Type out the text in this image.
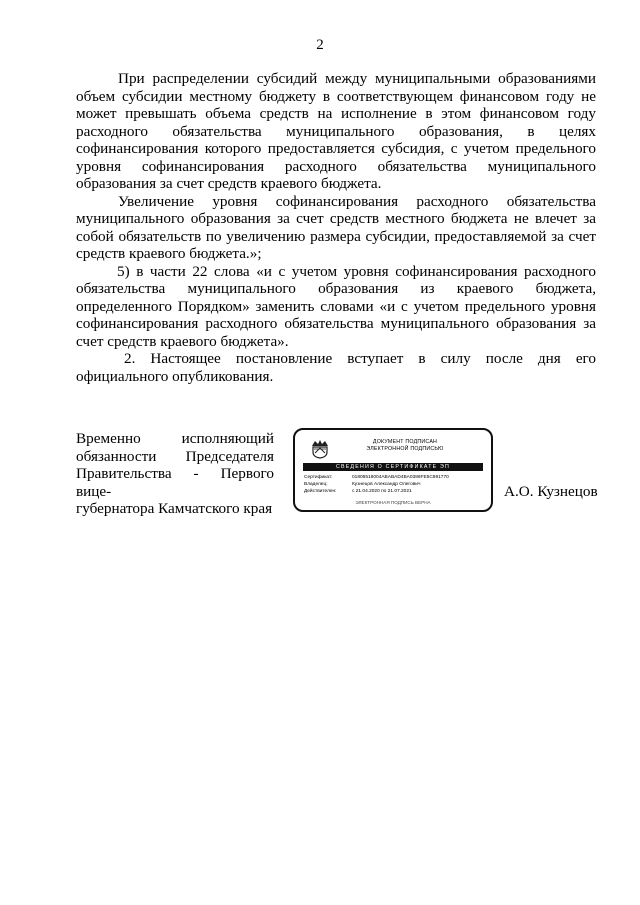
2

При распределении субсидий между муниципальными образованиями объем субсидии местному бюджету в соответствующем финансовом году не может превышать объема средств на исполнение в этом финансовом году расходного обязательства муниципального образования, в целях софинансирования которого предоставляется субсидия, с учетом предельного уровня софинансирования расходного обязательства муниципального образования за счет средств краевого бюджета.

Увеличение уровня софинансирования расходного обязательства муниципального образования за счет средств местного бюджета не влечет за собой обязательств по увеличению размера субсидии, предоставляемой за счет средств краевого бюджета.»;

5) в части 22 слова «и с учетом уровня софинансирования расходного обязательства муниципального образования из краевого бюджета, определенного Порядком» заменить словами «и с учетом предельного уровня софинансирования расходного обязательства муниципального образования за счет средств краевого бюджета».

2. Настоящее постановление вступает в силу после дня его официального опубликования.

Временно исполняющий
обязанности Председателя
Правительства - Первого вице-
губернатора Камчатского края
ДОКУМЕНТ ПОДПИСАН
ЭЛЕКТРОННОЙ ПОДПИСЬЮ
СВЕДЕНИЯ О СЕРТИФИКАТЕ ЭП
Сертификат:	01806518004ABABAD4BA0386FE5C891770
Владелец:	Кузнецов Александр Олегович
Действителен:	с 21.04.2020 по 21.07.2021
ЭЛЕКТРОННАЯ ПОДПИСЬ ВЕРНА
А.О. Кузнецов
